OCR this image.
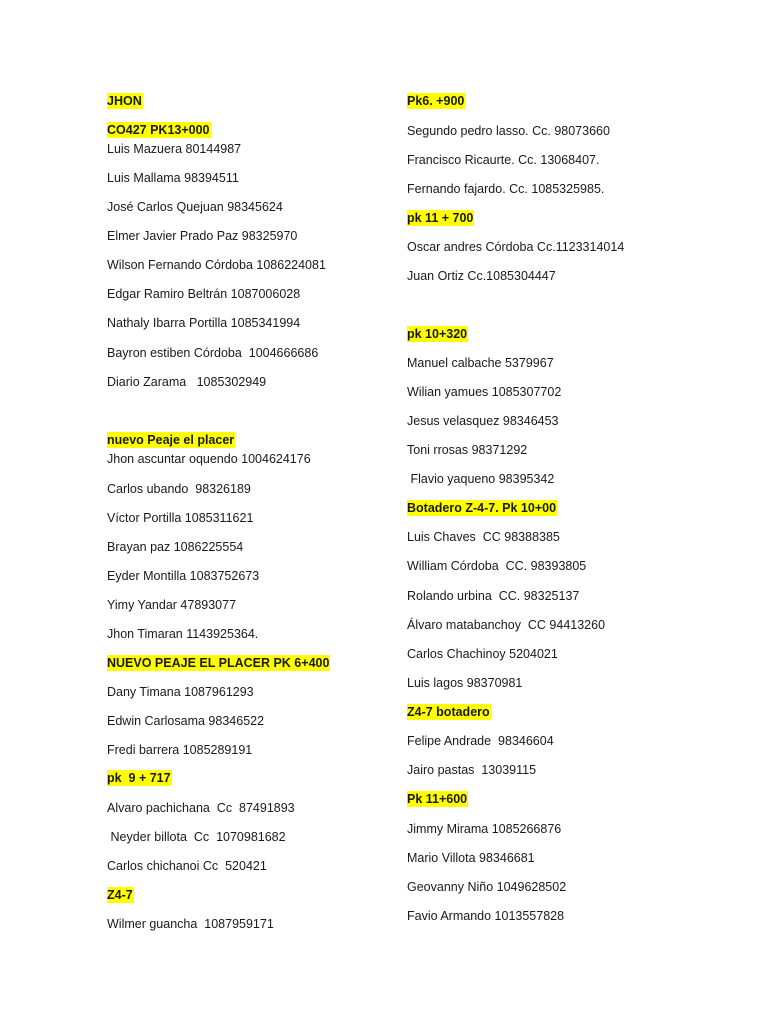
JHON
CO427 PK13+000
Luis Mazuera 80144987
Luis Mallama 98394511
José Carlos Quejuan 98345624
Elmer Javier Prado Paz 98325970
Wilson Fernando Córdoba 1086224081
Edgar Ramiro Beltrán 1087006028
Nathaly Ibarra Portilla 1085341994
Bayron estiben Córdoba  1004666686
Diario Zarama   1085302949
nuevo Peaje el placer
Jhon ascuntar oquendo 1004624176
Carlos ubando  98326189
Víctor Portilla 1085311621
Brayan paz 1086225554
Eyder Montilla 1083752673
Yimy Yandar 47893077
Jhon Timaran 1143925364.
NUEVO PEAJE EL PLACER PK 6+400
Dany Timana 1087961293
Edwin Carlosama 98346522
Fredi barrera 1085289191
pk  9 + 717
Alvaro pachichana  Cc  87491893
Neyder billota  Cc  1070981682
Carlos chichanoi Cc  520421
Z4-7
Wilmer guancha  1087959171
Pk6. +900
Segundo pedro lasso. Cc. 98073660
Francisco Ricaurte. Cc. 13068407.
Fernando fajardo. Cc. 1085325985.
pk 11 + 700
Oscar andres Córdoba Cc.1123314014
Juan Ortiz Cc.1085304447
pk 10+320
Manuel calbache 5379967
Wilian yamues 1085307702
Jesus velasquez 98346453
Toni rrosas 98371292
Flavio yaqueno 98395342
Botadero Z-4-7. Pk 10+00
Luis Chaves  CC 98388385
William Córdoba  CC. 98393805
Rolando urbina  CC. 98325137
Álvaro matabanchoy  CC 94413260
Carlos Chachinoy 5204021
Luis lagos 98370981
Z4-7 botadero
Felipe Andrade  98346604
Jairo pastas  13039115
Pk 11+600
Jimmy Mirama 1085266876
Mario Villota 98346681
Geovanny Niño 1049628502
Favio Armando 1013557828
